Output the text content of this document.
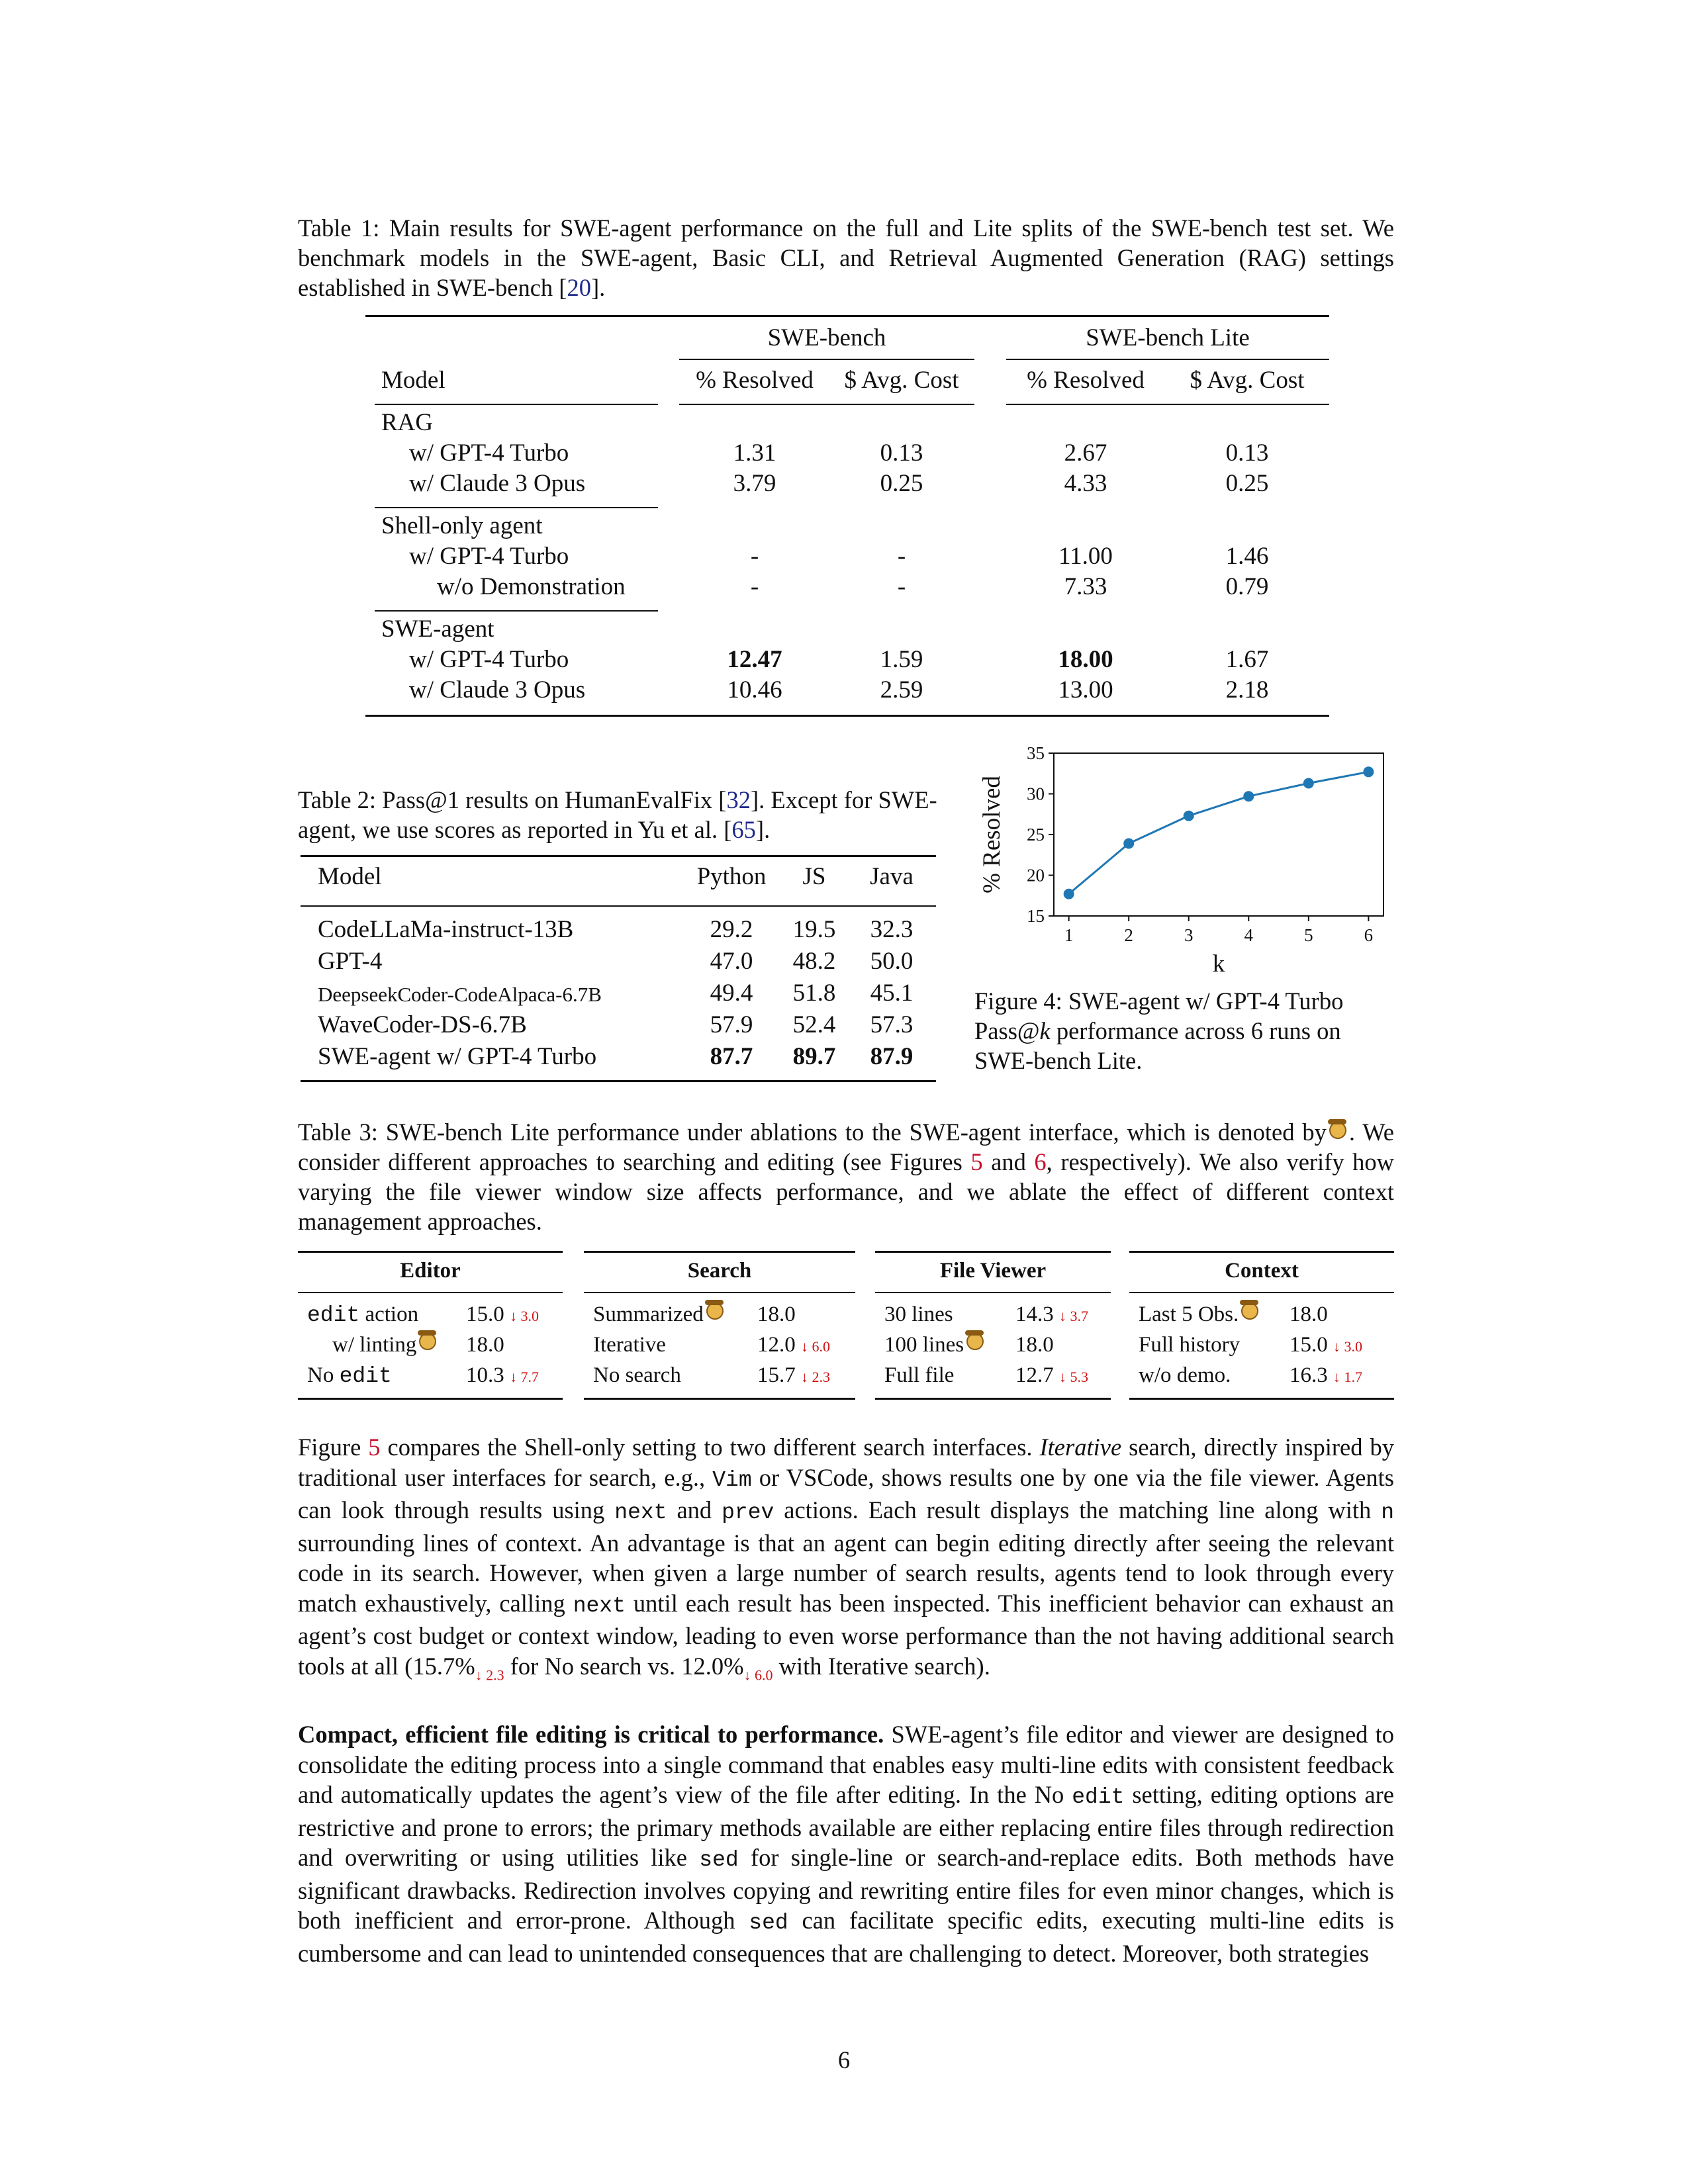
Table 1: Main results for SWE-agent performance on the full and Lite splits of the SWE-bench test set. We benchmark models in the SWE-agent, Basic CLI, and Retrieval Augmented Generation (RAG) settings established in SWE-bench [20].
SWE-bench	SWE-bench Lite
Model	% Resolved	$ Avg. Cost	% Resolved	$ Avg. Cost
RAG
w/ GPT-4 Turbo	1.31	0.13	2.67	0.13
w/ Claude 3 Opus	3.79	0.25	4.33	0.25
Shell-only agent
w/ GPT-4 Turbo	-	-	11.00	1.46
w/o Demonstration	-	-	7.33	0.79
SWE-agent
w/ GPT-4 Turbo	12.47	1.59	18.00	1.67
w/ Claude 3 Opus	10.46	2.59	13.00	2.18
Table 2: Pass@1 results on HumanEvalFix [32]. Except for SWE-agent, we use scores as reported in Yu et al. [65].
Model	Python	JS	Java
CodeLLaMa-instruct-13B	29.2	19.5	32.3
GPT-4	47.0	48.2	50.0
DeepseekCoder-CodeAlpaca-6.7B	49.4	51.8	45.1
WaveCoder-DS-6.7B	57.9	52.4	57.3
SWE-agent w/ GPT-4 Turbo	87.7	89.7	87.9
15
20
25
30
35
1	2	3	4	5	6
k
% Resolved
Figure 4: SWE-agent w/ GPT-4 Turbo Pass@k performance across 6 runs on SWE-bench Lite.
Table 3: SWE-bench Lite performance under ablations to the SWE-agent interface, which is denoted by . We consider different approaches to searching and editing (see Figures 5 and 6, respectively). We also verify how varying the file viewer window size affects performance, and we ablate the effect of different context management approaches.
Editor
edit action 15.0 ↓ 3.0
w/ linting	18.0
No edit	10.3 ↓ 7.7
Search
Summarized	18.0
Iterative	12.0 ↓ 6.0
No search	15.7 ↓ 2.3
File Viewer
30 lines	14.3 ↓ 3.7
100 lines	18.0
Full file	12.7 ↓ 5.3
Context
Last 5 Obs.	18.0
Full history 15.0 ↓ 3.0
w/o demo.	16.3 ↓ 1.7

Figure 5 compares the Shell-only setting to two different search interfaces. Iterative search, directly inspired by traditional user interfaces for search, e.g., Vim or VSCode, shows results one by one via the file viewer. Agents can look through results using next and prev actions. Each result displays the matching line along with n surrounding lines of context. An advantage is that an agent can begin editing directly after seeing the relevant code in its search. However, when given a large number of search results, agents tend to look through every match exhaustively, calling next until each result has been inspected. This inefficient behavior can exhaust an agent’s cost budget or context window, leading to even worse performance than the not having additional search tools at all ($15.7\%_{↓ 2.3}$ for No search vs. $12.0\%_{↓ 6.0}$ with Iterative search).

Compact, efficient file editing is critical to performance. SWE-agent’s file editor and viewer are designed to consolidate the editing process into a single command that enables easy multi-line edits with consistent feedback and automatically updates the agent’s view of the file after editing. In the No edit setting, editing options are restrictive and prone to errors; the primary methods available are either replacing entire files through redirection and overwriting or using utilities like sed for single-line or search-and-replace edits. Both methods have significant drawbacks. Redirection involves copying and rewriting entire files for even minor changes, which is both inefficient and error-prone. Although sed can facilitate specific edits, executing multi-line edits is cumbersome and can lead to unintended consequences that are challenging to detect. Moreover, both strategies

6
